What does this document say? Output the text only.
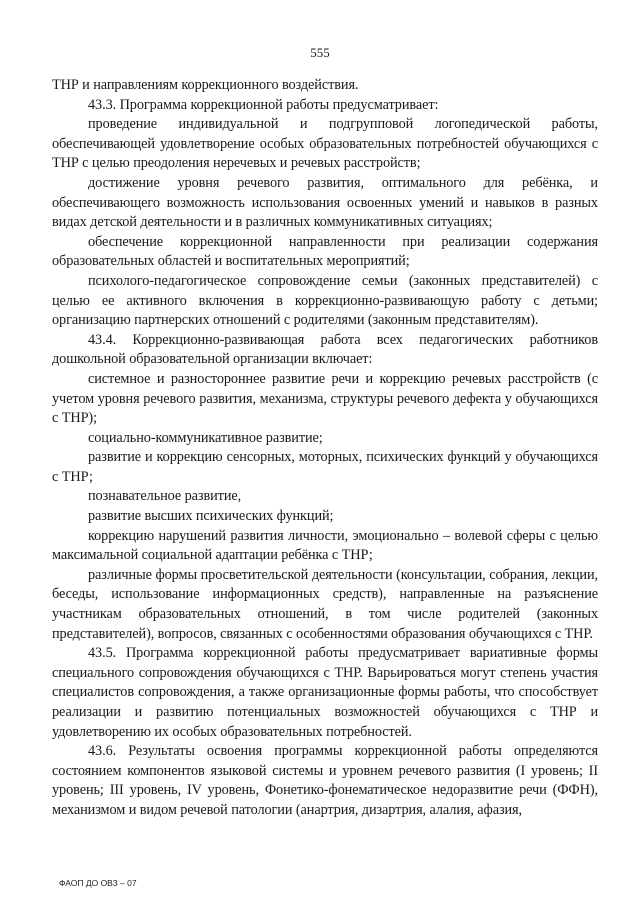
555

ТНР и направлениям коррекционного воздействия.

43.3. Программа коррекционной работы предусматривает:

проведение индивидуальной и подгрупповой логопедической работы, обеспечивающей удовлетворение особых образовательных потребностей обучающихся с ТНР с целью преодоления неречевых и речевых расстройств;

достижение уровня речевого развития, оптимального для ребёнка, и обеспечивающего возможность использования освоенных умений и навыков в разных видах детской деятельности и в различных коммуникативных ситуациях;

обеспечение коррекционной направленности при реализации содержания образовательных областей и воспитательных мероприятий;

психолого-педагогическое сопровождение семьи (законных представителей) с целью ее активного включения в коррекционно-развивающую работу с детьми; организацию партнерских отношений с родителями (законным представителям).

43.4. Коррекционно-развивающая работа всех педагогических работников дошкольной образовательной организации включает:

системное и разностороннее развитие речи и коррекцию речевых расстройств (с учетом уровня речевого развития, механизма, структуры речевого дефекта у обучающихся с ТНР);

социально-коммуникативное развитие;

развитие и коррекцию сенсорных, моторных, психических функций у обучающихся с ТНР;

познавательное развитие,

развитие высших психических функций;

коррекцию нарушений развития личности, эмоционально – волевой сферы с целью максимальной социальной адаптации ребёнка с ТНР;

различные формы просветительской деятельности (консультации, собрания, лекции, беседы, использование информационных средств), направленные на разъяснение участникам образовательных отношений, в том числе родителей (законных представителей), вопросов, связанных с особенностями образования обучающихся с ТНР.

43.5. Программа коррекционной работы предусматривает вариативные формы специального сопровождения обучающихся с ТНР. Варьироваться могут степень участия специалистов сопровождения, а также организационные формы работы, что способствует реализации и развитию потенциальных возможностей обучающихся с ТНР и удовлетворению их особых образовательных потребностей.

43.6. Результаты освоения программы коррекционной работы определяются состоянием компонентов языковой системы и уровнем речевого развития (I уровень; II уровень; III уровень, IV уровень, Фонетико-фонематическое недоразвитие речи (ФФН), механизмом и видом речевой патологии (анартрия, дизартрия, алалия, афазия,

ФАОП ДО ОВЗ – 07
